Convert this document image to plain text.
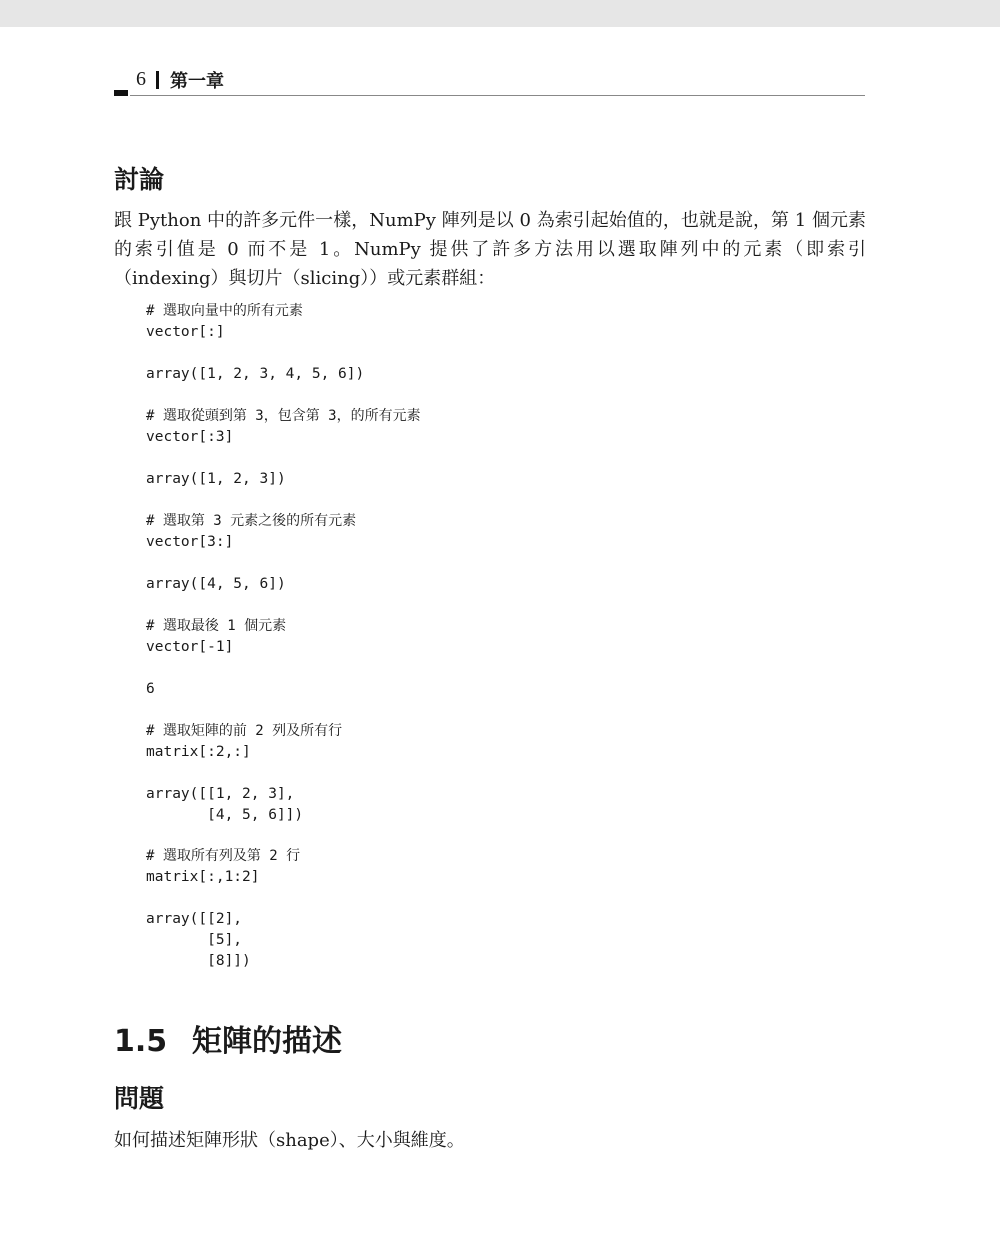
6 第一章
討論

跟 Python 中的許多元件一樣，NumPy 陣列是以 0 為索引起始值的，也就是說，第 1 個元素的索引值是 0 而不是 1。NumPy 提供了許多方法用以選取陣列中的元素（即索引（indexing）與切片（slicing））或元素群組：

# 選取向量中的所有元素
vector[:]
array([1, 2, 3, 4, 5, 6])
# 選取從頭到第 3，包含第 3，的所有元素
vector[:3]
array([1, 2, 3])
# 選取第 3 元素之後的所有元素
vector[3:]
array([4, 5, 6])
# 選取最後 1 個元素
vector[-1]
6
# 選取矩陣的前 2 列及所有行
matrix[:2,:]
array([[1, 2, 3],
[4, 5, 6]])
# 選取所有列及第 2 行
matrix[:,1:2]
array([[2],
[5],
[8]])
1.5 矩陣的描述
問題

如何描述矩陣形狀（shape）、大小與維度。
